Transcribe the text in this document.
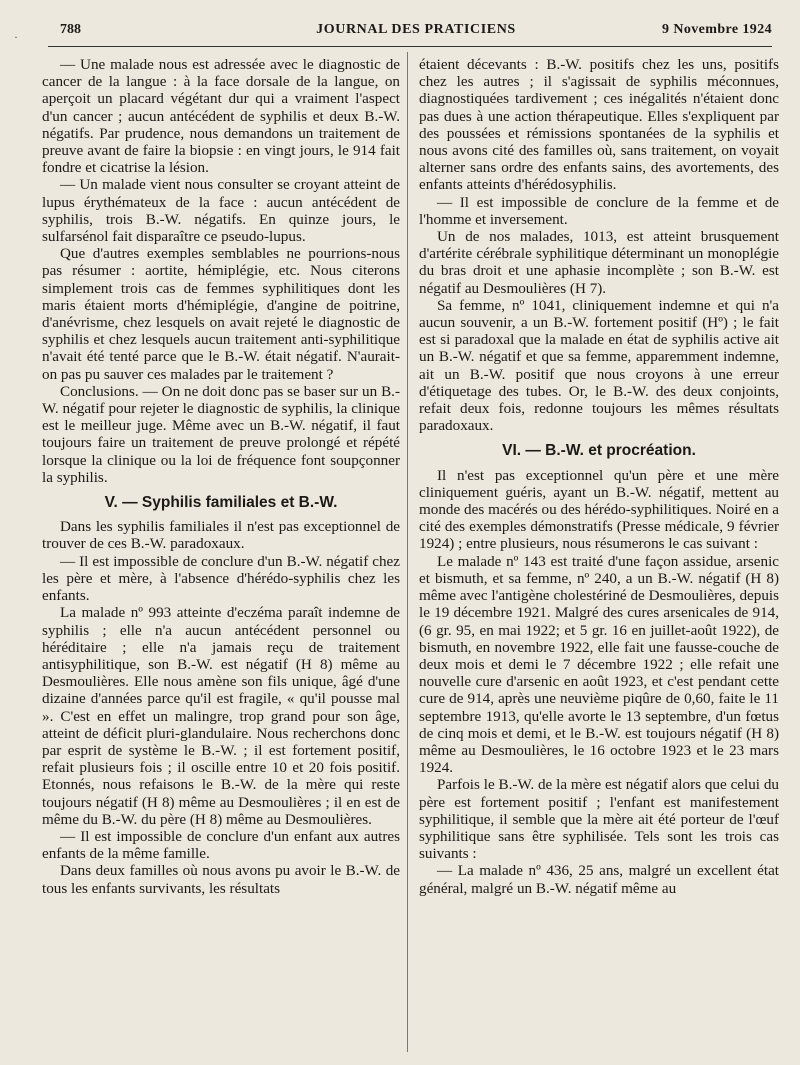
·	788	JOURNAL DES PRATICIENS	9 Novembre 1924

— Une malade nous est adressée avec le diagnostic de cancer de la langue : à la face dorsale de la langue, on aperçoit un placard végétant dur qui a vraiment l'aspect d'un cancer ; aucun antécédent de syphilis et deux B.-W. négatifs. Par prudence, nous demandons un traitement de preuve avant de faire la biopsie : en vingt jours, le 914 fait fondre et cicatrise la lésion.

— Un malade vient nous consulter se croyant atteint de lupus érythémateux de la face : aucun antécédent de syphilis, trois B.-W. négatifs. En quinze jours, le sulfarsénol fait disparaître ce pseudo-lupus.

Que d'autres exemples semblables ne pourrions-nous pas résumer : aortite, hémiplégie, etc. Nous citerons simplement trois cas de femmes syphilitiques dont les maris étaient morts d'hémiplégie, d'angine de poitrine, d'anévrisme, chez lesquels on avait rejeté le diagnostic de syphilis et chez lesquels aucun traitement anti-syphilitique n'avait été tenté parce que le B.-W. était négatif. N'aurait-on pas pu sauver ces malades par le traitement ?

Conclusions. — On ne doit donc pas se baser sur un B.-W. négatif pour rejeter le diagnostic de syphilis, la clinique est le meilleur juge. Même avec un B.-W. négatif, il faut toujours faire un traitement de preuve prolongé et répété lorsque la clinique ou la loi de fréquence font soupçonner la syphilis.

V. — Syphilis familiales et B.-W.

Dans les syphilis familiales il n'est pas exceptionnel de trouver de ces B.-W. paradoxaux.

— Il est impossible de conclure d'un B.-W. négatif chez les père et mère, à l'absence d'hérédo-syphilis chez les enfants.

La malade nº 993 atteinte d'eczéma paraît indemne de syphilis ; elle n'a aucun antécédent personnel ou héréditaire ; elle n'a jamais reçu de traitement antisyphilitique, son B.-W. est négatif (H 8) même au Desmoulières. Elle nous amène son fils unique, âgé d'une dizaine d'années parce qu'il est fragile, « qu'il pousse mal ». C'est en effet un malingre, trop grand pour son âge, atteint de déficit pluri-glandulaire. Nous recherchons donc par esprit de système le B.-W. ; il est fortement positif, refait plusieurs fois ; il oscille entre 10 et 20 fois positif. Etonnés, nous refaisons le B.-W. de la mère qui reste toujours négatif (H 8) même au Desmoulières ; il en est de même du B.-W. du père (H 8) même au Desmoulières.

— Il est impossible de conclure d'un enfant aux autres enfants de la même famille.

Dans deux familles où nous avons pu avoir le B.-W. de tous les enfants survivants, les résultats

étaient décevants : B.-W. positifs chez les uns, positifs chez les autres ; il s'agissait de syphilis méconnues, diagnostiquées tardivement ; ces inégalités n'étaient donc pas dues à une action thérapeutique. Elles s'expliquent par des poussées et rémissions spontanées de la syphilis et nous avons cité des familles où, sans traitement, on voyait alterner sans ordre des enfants sains, des avortements, des enfants atteints d'hérédosyphilis.

— Il est impossible de conclure de la femme et de l'homme et inversement.

Un de nos malades, 1013, est atteint brusquement d'artérite cérébrale syphilitique déterminant un monoplégie du bras droit et une aphasie incomplète ; son B.-W. est négatif au Desmoulières (H 7).

Sa femme, nº 1041, cliniquement indemne et qui n'a aucun souvenir, a un B.-W. fortement positif (Hº) ; le fait est si paradoxal que la malade en état de syphilis active ait un B.-W. négatif et que sa femme, apparemment indemne, ait un B.-W. positif que nous croyons à une erreur d'étiquetage des tubes. Or, le B.-W. des deux conjoints, refait deux fois, redonne toujours les mêmes résultats paradoxaux.

VI. — B.-W. et procréation.

Il n'est pas exceptionnel qu'un père et une mère cliniquement guéris, ayant un B.-W. négatif, mettent au monde des macérés ou des hérédo-syphilitiques. Noiré en a cité des exemples démonstratifs (Presse médicale, 9 février 1924) ; entre plusieurs, nous résumerons le cas suivant :

Le malade nº 143 est traité d'une façon assidue, arsenic et bismuth, et sa femme, nº 240, a un B.-W. négatif (H 8) même avec l'antigène cholestériné de Desmoulières, depuis le 19 décembre 1921. Malgré des cures arsenicales de 914, (6 gr. 95, en mai 1922; et 5 gr. 16 en juillet-août 1922), de bismuth, en novembre 1922, elle fait une fausse-couche de deux mois et demi le 7 décembre 1922 ; elle refait une nouvelle cure d'arsenic en août 1923, et c'est pendant cette cure de 914, après une neuvième piqûre de 0,60, faite le 11 septembre 1913, qu'elle avorte le 13 septembre, d'un fœtus de cinq mois et demi, et le B.-W. est toujours négatif (H 8) même au Desmoulières, le 16 octobre 1923 et le 23 mars 1924.

Parfois le B.-W. de la mère est négatif alors que celui du père est fortement positif ; l'enfant est manifestement syphilitique, il semble que la mère ait été porteur de l'œuf syphilitique sans être syphilisée. Tels sont les trois cas suivants :

— La malade nº 436, 25 ans, malgré un excellent état général, malgré un B.-W. négatif même au
